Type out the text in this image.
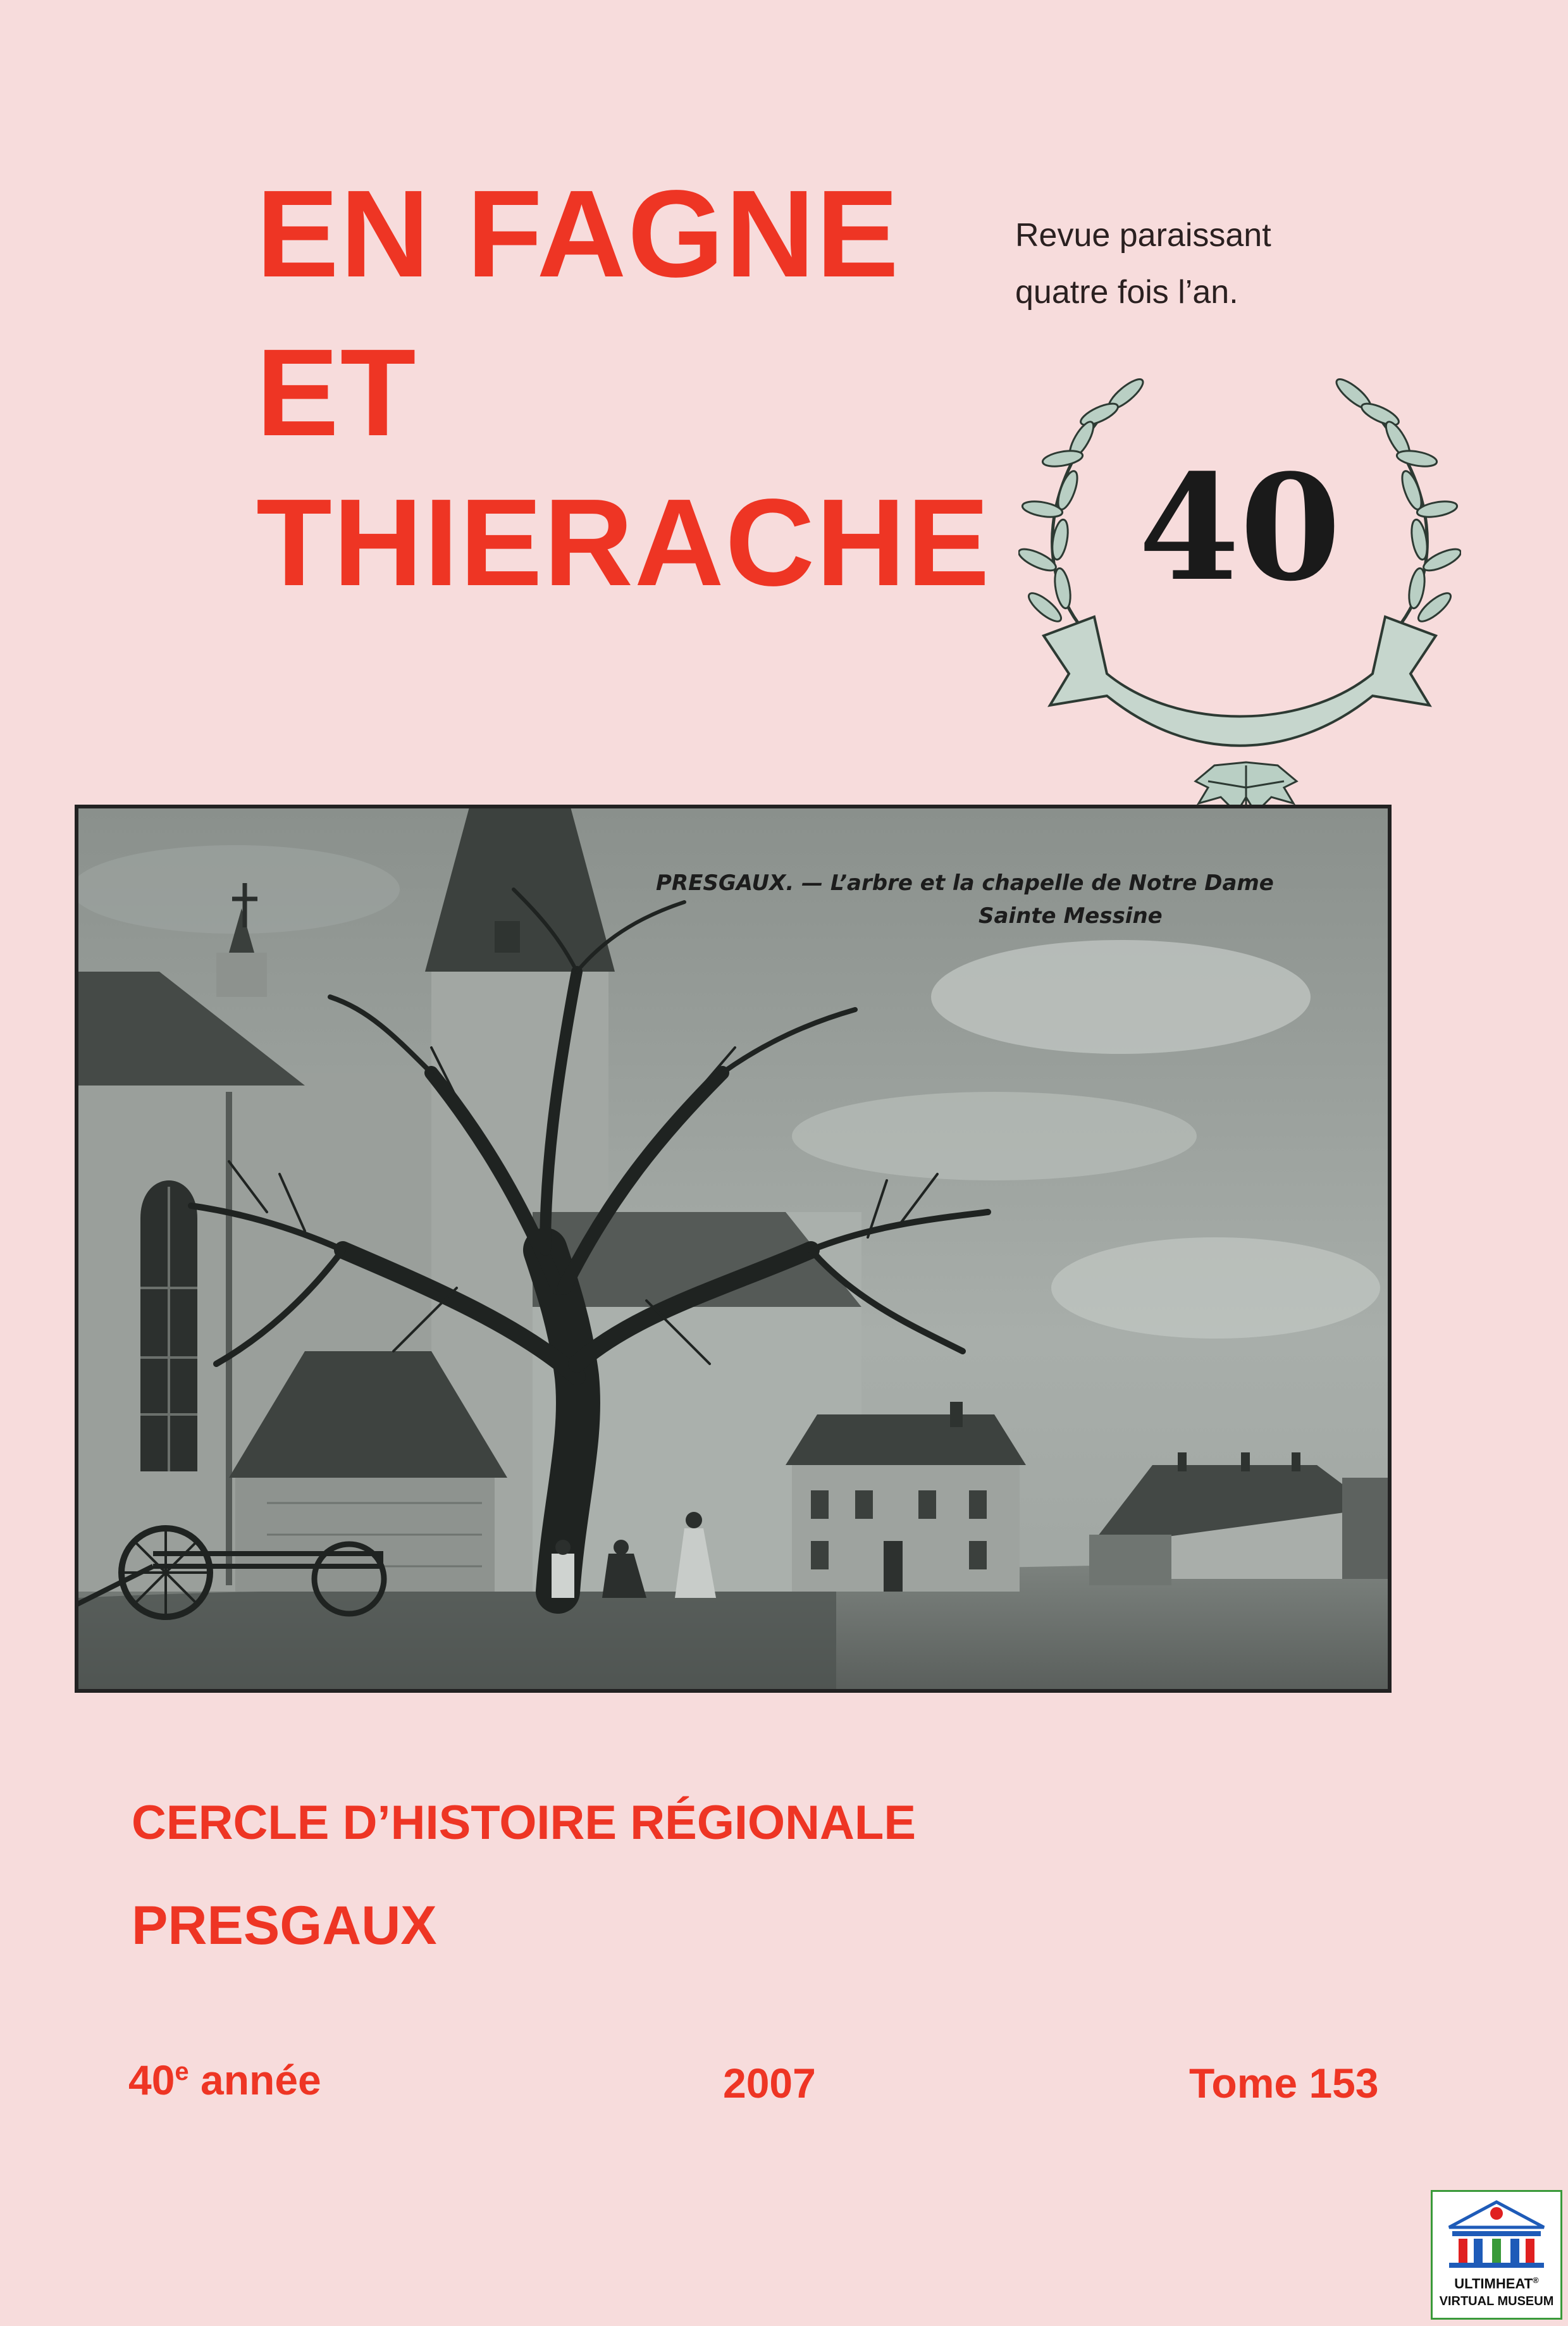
EN FAGNE
ET
THIERACHE
Revue paraissant
quatre fois l’an.
40
PRESGAUX. — L’arbre et la chapelle de Notre Dame
Sainte Messine
CERCLE D’HISTOIRE RÉGIONALE
PRESGAUX
40e année	2007	Tome 153
ULTIMHEAT®
VIRTUAL MUSEUM
